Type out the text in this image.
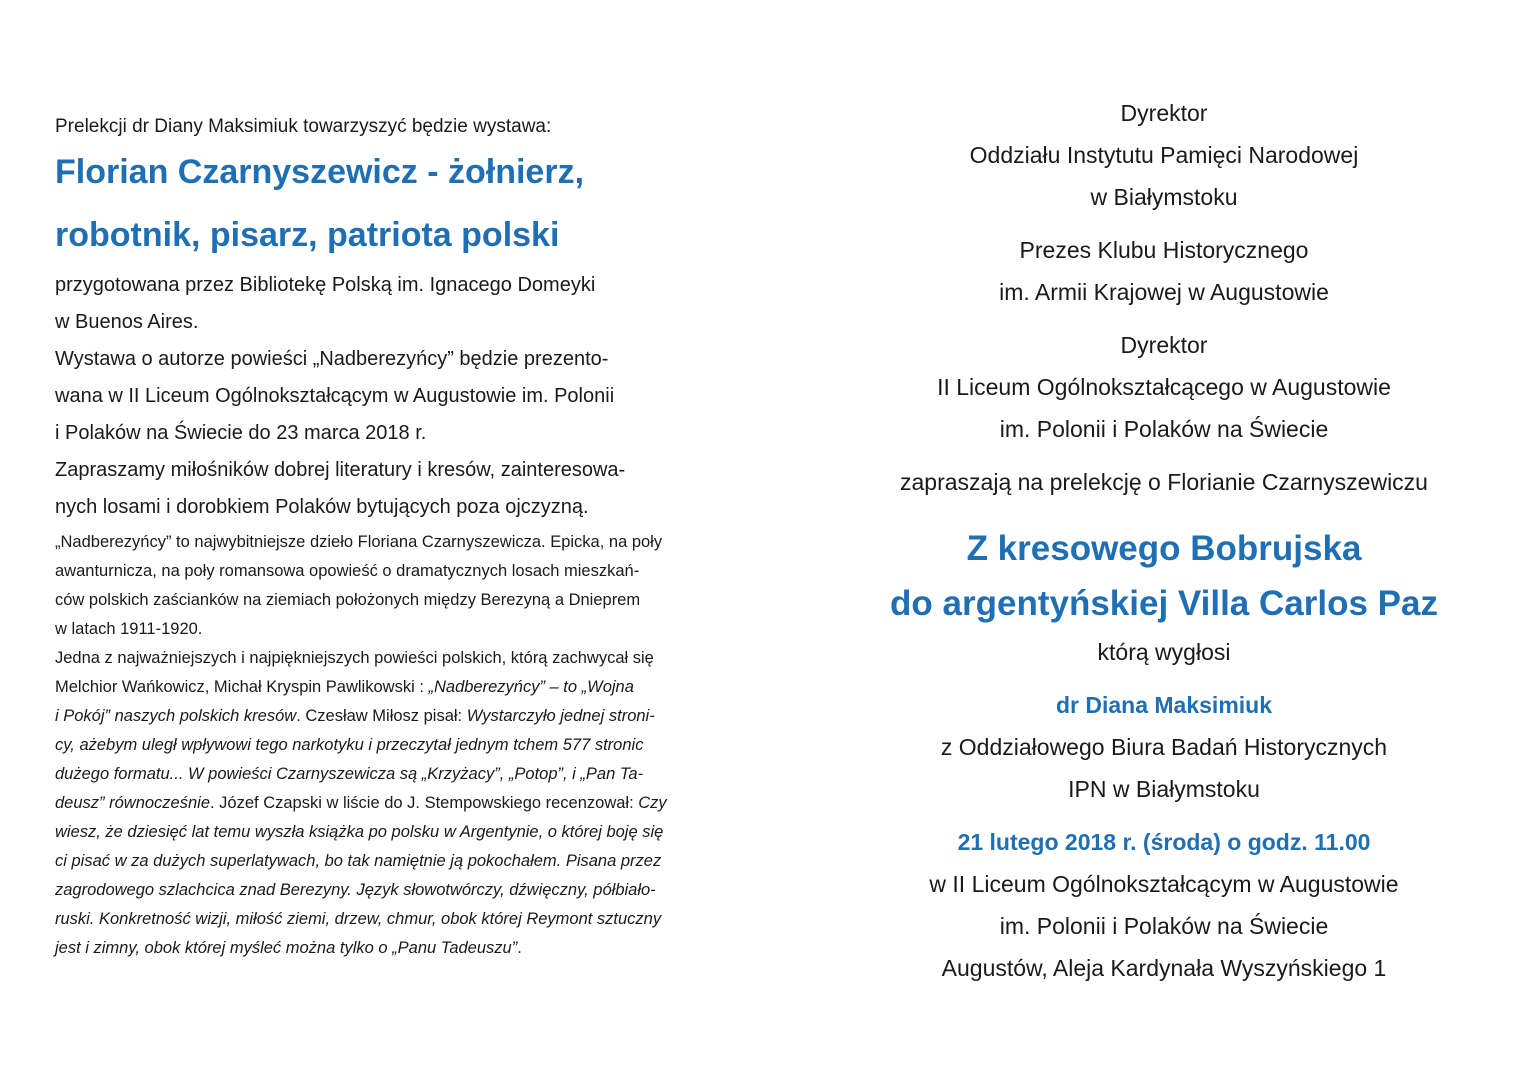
Prelekcji dr Diany Maksimiuk towarzyszyć będzie wystawa:

Florian Czarnyszewicz - żołnierz,
robotnik, pisarz, patriota polski

przygotowana przez Bibliotekę Polską im. Ignacego Domeyki
w Buenos Aires.
Wystawa o autorze powieści „Nadberezyńcy” będzie prezento-
wana w II Liceum Ogólnokształcącym w Augustowie im. Polonii
i Polaków na Świecie do 23 marca 2018 r.
Zapraszamy miłośników dobrej literatury i kresów, zainteresowa-
nych losami i dorobkiem Polaków bytujących poza ojczyzną.

„Nadberezyńcy” to najwybitniejsze dzieło Floriana Czarnyszewicza. Epicka, na poły
awanturnicza, na poły romansowa opowieść o dramatycznych losach mieszkań-
ców polskich zaścianków na ziemiach położonych między Berezyną a Dnieprem
w latach 1911-1920.
Jedna z najważniejszych i najpiękniejszych powieści polskich, którą zachwycał się
Melchior Wańkowicz, Michał Kryspin Pawlikowski : „Nadberezyńcy” – to „Wojna
i Pokój” naszych polskich kresów. Czesław Miłosz pisał: Wystarczyło jednej stroni-
cy, ażebym uległ wpływowi tego narkotyku i przeczytał jednym tchem 577 stronic
dużego formatu... W powieści Czarnyszewicza są „Krzyżacy”, „Potop”, i „Pan Ta-
deusz” równocześnie. Józef Czapski w liście do J. Stempowskiego recenzował: Czy
wiesz, że dziesięć lat temu wyszła książka po polsku w Argentynie, o której boję się
ci pisać w za dużych superlatywach, bo tak namiętnie ją pokochałem. Pisana przez
zagrodowego szlachcica znad Berezyny. Język słowotwórczy, dźwięczny, półbiało-
ruski. Konkretność wizji, miłość ziemi, drzew, chmur, obok której Reymont sztuczny
jest i zimny, obok której myśleć można tylko o „Panu Tadeuszu”.
Dyrektor
Oddziału Instytutu Pamięci Narodowej
w Białymstoku
Prezes Klubu Historycznego
im. Armii Krajowej w Augustowie
Dyrektor
II Liceum Ogólnokształcącego w Augustowie
im. Polonii i Polaków na Świecie
zapraszają na prelekcję o Florianie Czarnyszewiczu
Z kresowego Bobrujska
do argentyńskiej Villa Carlos Paz
którą wygłosi
dr Diana Maksimiuk
z Oddziałowego Biura Badań Historycznych
IPN w Białymstoku
21 lutego 2018 r. (środa) o godz. 11.00
w II Liceum Ogólnokształcącym w Augustowie
im. Polonii i Polaków na Świecie
Augustów, Aleja Kardynała Wyszyńskiego 1
